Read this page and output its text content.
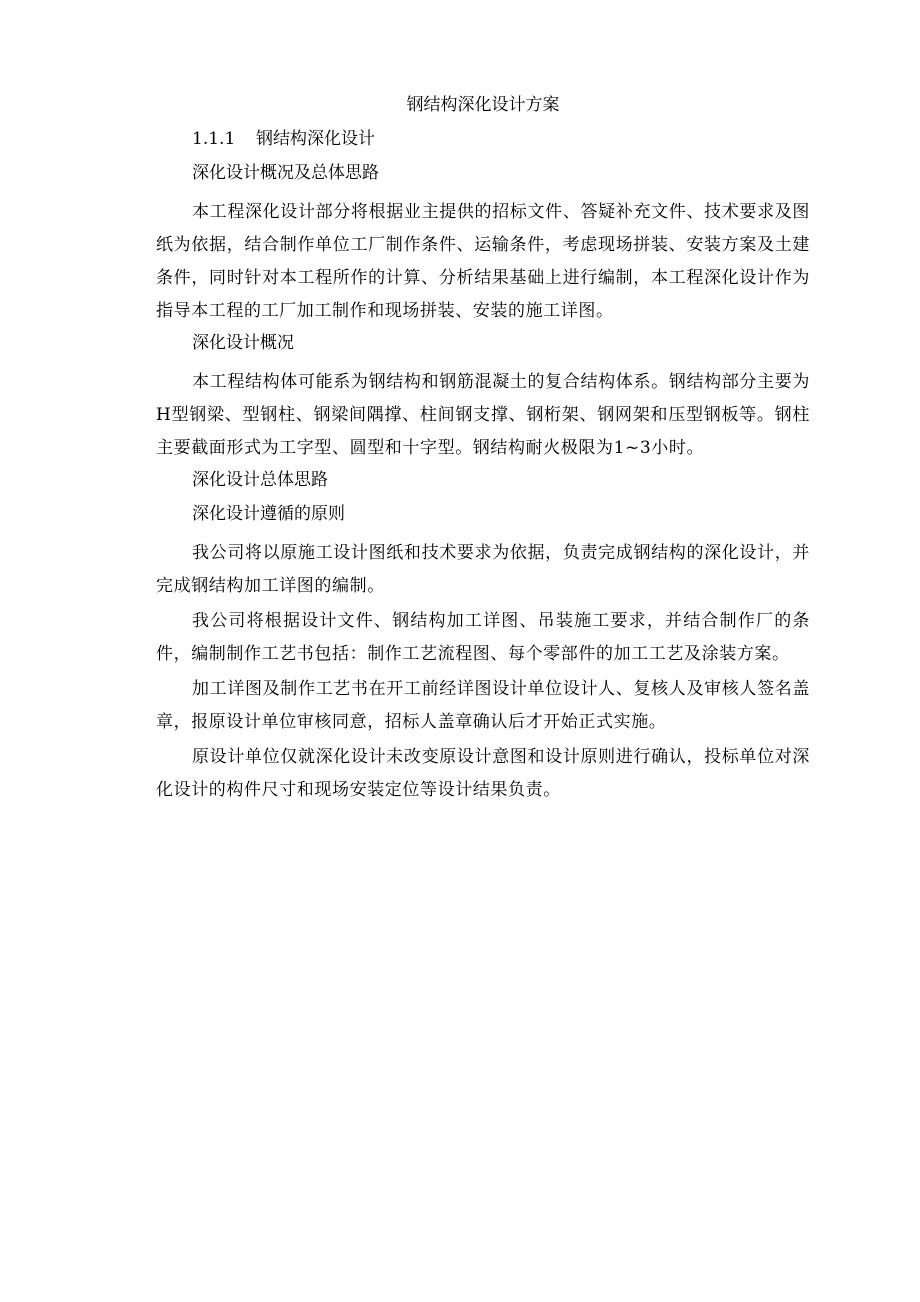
钢结构深化设计方案
1.1.1 钢结构深化设计
深化设计概况及总体思路

本工程深化设计部分将根据业主提供的招标文件、答疑补充文件、技术要求及图纸为依据，结合制作单位工厂制作条件、运输条件，考虑现场拼装、安装方案及土建条件，同时针对本工程所作的计算、分析结果基础上进行编制，本工程深化设计作为指导本工程的工厂加工制作和现场拼装、安装的施工详图。

深化设计概况

本工程结构体可能系为钢结构和钢筋混凝土的复合结构体系。钢结构部分主要为H型钢梁、型钢柱、钢梁间隅撑、柱间钢支撑、钢桁架、钢网架和压型钢板等。钢柱主要截面形式为工字型、圆型和十字型。钢结构耐火极限为1~3小时。

深化设计总体思路
深化设计遵循的原则

我公司将以原施工设计图纸和技术要求为依据，负责完成钢结构的深化设计，并完成钢结构加工详图的编制。

我公司将根据设计文件、钢结构加工详图、吊装施工要求，并结合制作厂的条件，编制制作工艺书包括：制作工艺流程图、每个零部件的加工工艺及涂装方案。

加工详图及制作工艺书在开工前经详图设计单位设计人、复核人及审核人签名盖章，报原设计单位审核同意，招标人盖章确认后才开始正式实施。

原设计单位仅就深化设计未改变原设计意图和设计原则进行确认，投标单位对深化设计的构件尺寸和现场安装定位等设计结果负责。
